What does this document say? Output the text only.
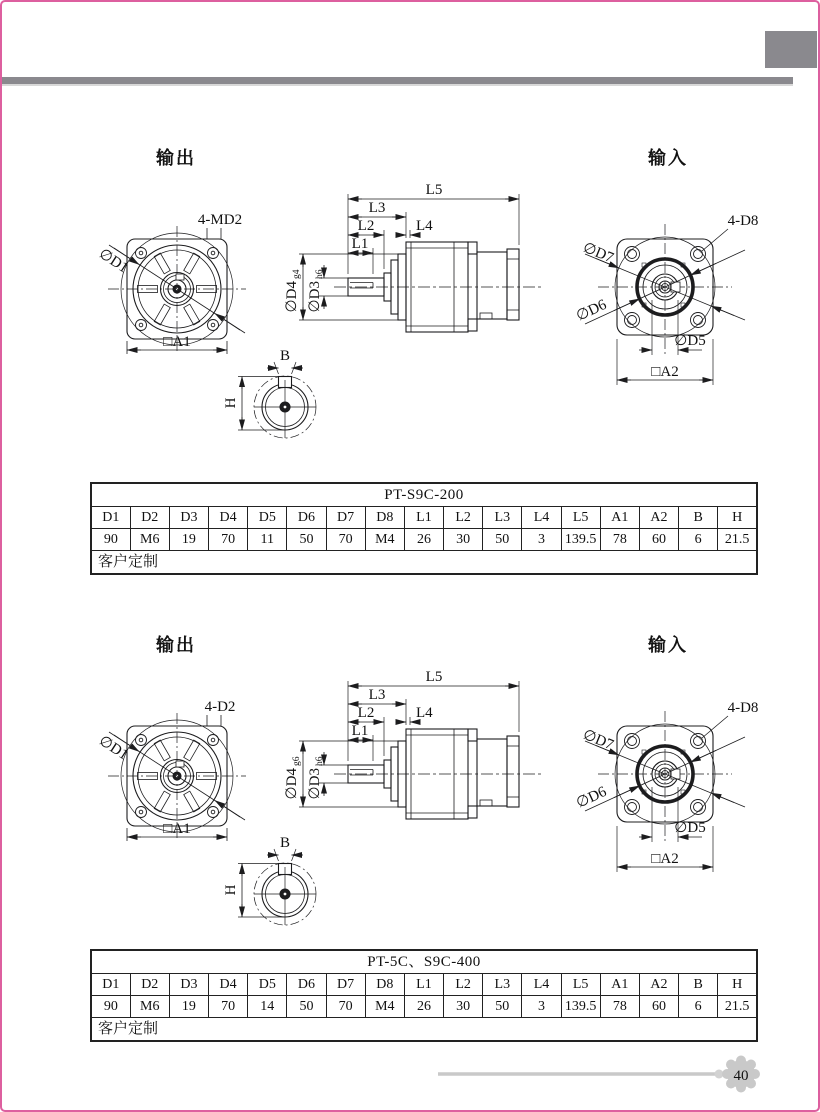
输出	输入
4-MD2
∅D1
□A1
L5
L3
L2	L4
L1
$\emptyset D4_{g4}$
$\emptyset D3_{h6}$
B
H
4-D8
∅D7
∅D6
∅D5
□A2
输出	输入
4-D2
∅D1
□A1
L5
L3
L2	L4
L1
$\emptyset D4_{g6}$
$\emptyset D3_{h6}$
B
H
4-D8
∅D7
∅D6
∅D5
□A2
PT-S9C-200																
D1	D2	D3	D4	D5	D6	D7	D8	L1	L2	L3	L4	L5	A1	A2	B	H
90	M6	19	70	11	50	70	M4	26	30	50	3	139.5	78	60	6	21.5
客户定制																
PT-5C、S9C-400																
D1	D2	D3	D4	D5	D6	D7	D8	L1	L2	L3	L4	L5	A1	A2	B	H
90	M6	19	70	14	50	70	M4	26	30	50	3	139.5	78	60	6	21.5
客户定制																
40
